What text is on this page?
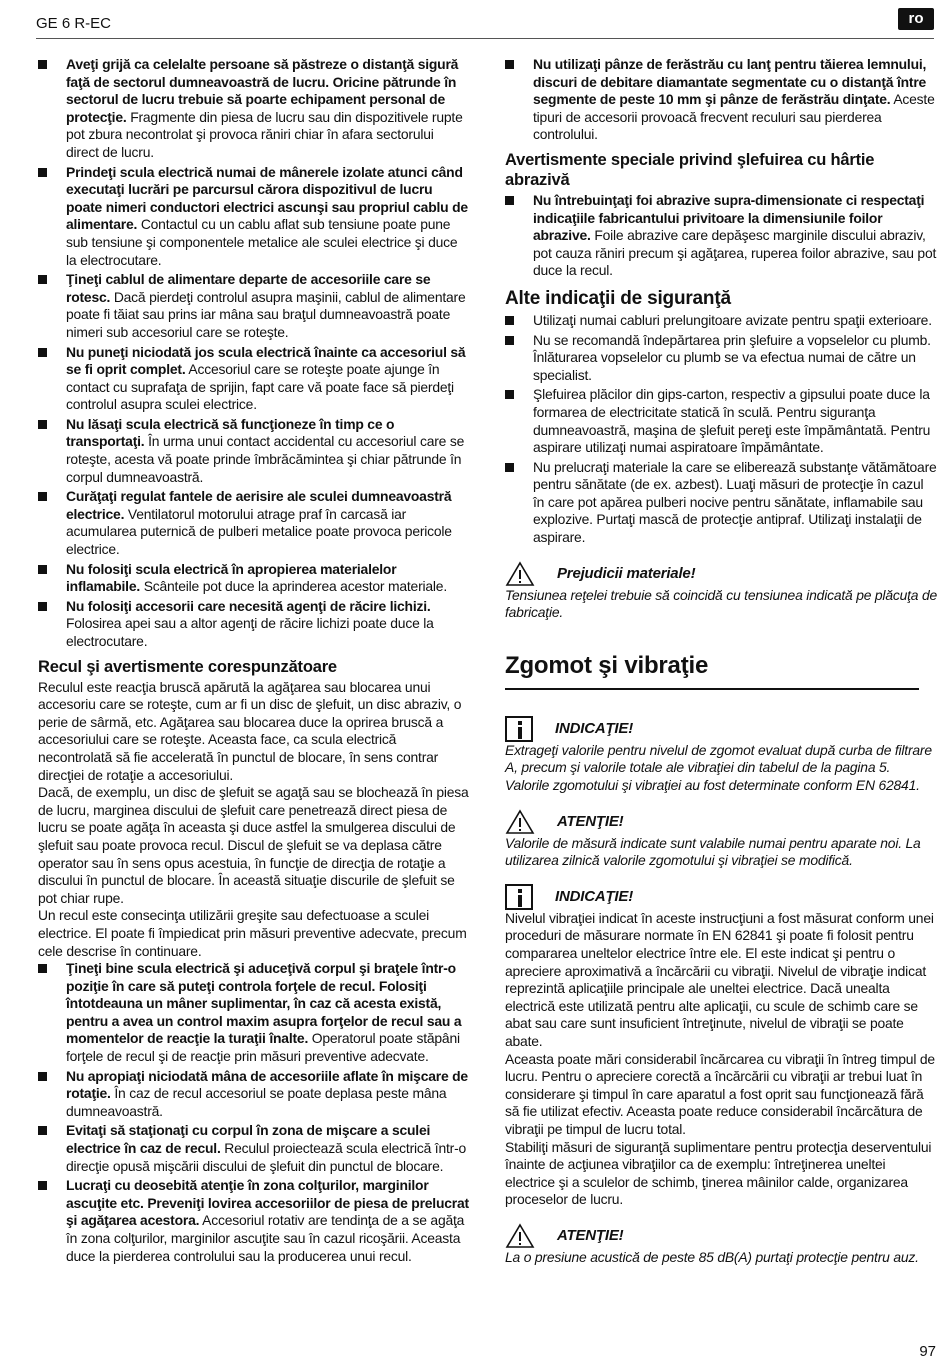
GE 6 R-EC	ro
Aveţi grijă ca celelalte persoane să păstreze o distanţă sigură faţă de sectorul dumneavoastră de lucru. Oricine pătrunde în sectorul de lucru trebuie să poarte echipament personal de protecţie. Fragmente din piesa de lucru sau din dispozitivele rupte pot zbura necontrolat şi provoca răniri chiar în afara sectorului direct de lucru.
Prindeţi scula electrică numai de mânerele izolate atunci când executaţi lucrări pe parcursul cărora dispozitivul de lucru poate nimeri conductori electrici ascunşi sau propriul cablu de alimentare. Contactul cu un cablu aflat sub tensiune poate pune sub tensiune şi componentele metalice ale sculei electrice şi duce la electrocutare.
Ţineţi cablul de alimentare departe de accesoriile care se rotesc. Dacă pierdeţi controlul asupra maşinii, cablul de alimentare poate fi tăiat sau prins iar mâna sau braţul dumneavoastră poate nimeri sub accesoriul care se roteşte.
Nu puneţi niciodată jos scula electrică înainte ca accesoriul să se fi oprit complet. Accesoriul care se roteşte poate ajunge în contact cu suprafaţa de sprijin, fapt care vă poate face să pierdeţi controlul asupra sculei electrice.
Nu lăsaţi scula electrică să funcţioneze în timp ce o transportaţi. În urma unui contact accidental cu accesoriul care se roteşte, acesta vă poate prinde îmbrăcămintea şi chiar pătrunde în corpul dumneavoastră.
Curăţaţi regulat fantele de aerisire ale sculei dumneavoastră electrice. Ventilatorul motorului atrage praf în carcasă iar acumularea puternică de pulberi metalice poate provoca pericole electrice.
Nu folosiţi scula electrică în apropierea materialelor inflamabile. Scânteile pot duce la aprinderea acestor materiale.
Nu folosiţi accesorii care necesită agenţi de răcire lichizi. Folosirea apei sau a altor agenţi de răcire lichizi poate duce la electrocutare.
Recul şi avertismente corespunzătoare

Reculul este reacţia bruscă apărută la agăţarea sau blocarea unui accesoriu care se roteşte, cum ar fi un disc de şlefuit, un disc abraziv, o perie de sârmă, etc. Agăţarea sau blocarea duce la oprirea bruscă a accesoriului care se roteşte. Aceasta face, ca scula electrică necontrolată să fie accelerată în punctul de blocare, în sens contrar direcţiei de rotaţie a accesoriului.

Dacă, de exemplu, un disc de şlefuit se agaţă sau se blochează în piesa de lucru, marginea discului de şlefuit care penetrează direct piesa de lucru se poate agăţa în aceasta şi duce astfel la smulgerea discului de şlefuit sau poate provoca recul. Discul de şlefuit se va deplasa către operator sau în sens opus acestuia, în funcţie de direcţia de rotaţie a discului în punctul de blocare. În această situaţie discurile de şlefuit se pot chiar rupe.

Un recul este consecinţa utilizării greşite sau defectuoase a sculei electrice. El poate fi împiedicat prin măsuri preventive adecvate, precum cele descrise în continuare.

Ţineţi bine scula electrică şi aduceţivă corpul şi braţele într-o poziţie în care să puteţi controla forţele de recul. Folosiţi întotdeauna un mâner suplimentar, în caz că acesta există, pentru a avea un control maxim asupra forţelor de recul sau a momentelor de reacţie la turaţii înalte. Operatorul poate stăpâni forţele de recul şi de reacţie prin măsuri preventive adecvate.
Nu apropiaţi niciodată mâna de accesoriile aflate în mişcare de rotaţie. În caz de recul accesoriul se poate deplasa peste mâna dumneavoastră.
Evitaţi să staţionaţi cu corpul în zona de mişcare a sculei electrice în caz de recul. Reculul proiectează scula electrică într-o direcţie opusă mişcării discului de şlefuit din punctul de blocare.
Lucraţi cu deosebită atenţie în zona colţurilor, marginilor ascuţite etc. Preveniţi lovirea accesoriilor de piesa de prelucrat şi agăţarea acestora. Accesoriul rotativ are tendinţa de a se agăţa în zona colţurilor, marginilor ascuţite sau în cazul ricoşării. Aceasta duce la pierderea controlului sau la producerea unui recul.
Nu utilizaţi pânze de ferăstrău cu lanţ pentru tăierea lemnului, discuri de debitare diamantate segmentate cu o distanţă între segmente de peste 10 mm şi pânze de ferăstrău dinţate. Aceste tipuri de accesorii provoacă frecvent reculuri sau pierderea controlului.
Avertismente speciale privind şlefuirea cu hârtie abrazivă
Nu întrebuinţaţi foi abrazive supra-dimensionate ci respectaţi indicaţiile fabricantului privitoare la dimensiunile foilor abrazive. Foile abrazive care depăşesc marginile discului abraziv, pot cauza răniri precum şi agăţarea, ruperea foilor abrazive, sau pot duce la recul.
Alte indicaţii de siguranţă
Utilizaţi numai cabluri prelungitoare avizate pentru spaţii exterioare.
Nu se recomandă îndepărtarea prin şlefuire a vopselelor cu plumb. Înlăturarea vopselelor cu plumb se va efectua numai de către un specialist.
Şlefuirea plăcilor din gips-carton, respectiv a gipsului poate duce la formarea de electricitate statică în sculă. Pentru siguranţa dumneavoastră, maşina de şlefuit pereţi este împământată. Pentru aspirare utilizaţi numai aspiratoare împământate.
Nu prelucraţi materiale la care se eliberează substanţe vătămătoare pentru sănătate (de ex. azbest). Luaţi măsuri de protecţie în cazul în care pot apărea pulberi nocive pentru sănătate, inflamabile sau explozive. Purtaţi mască de protecţie antipraf. Utilizaţi instalaţii de aspirare.
Prejudicii materiale!

Tensiunea reţelei trebuie să coincidă cu tensiunea indicată pe plăcuţa de fabricaţie.

Zgomot şi vibraţie
INDICAŢIE!

Extrageţi valorile pentru nivelul de zgomot evaluat după curba de filtrare A, precum şi valorile totale ale vibraţiei din tabelul de la pagina 5.

Valorile zgomotului şi vibraţiei au fost determinate conform EN 62841.

ATENŢIE!

Valorile de măsură indicate sunt valabile numai pentru aparate noi. La utilizarea zilnică valorile zgomotului şi vibraţiei se modifică.

INDICAŢIE!

Nivelul vibraţiei indicat în aceste instrucţiuni a fost măsurat conform unei proceduri de măsurare normate în EN 62841 şi poate fi folosit pentru compararea uneltelor electrice între ele. El este indicat şi pentru o apreciere aproximativă a încărcării cu vibraţii. Nivelul de vibraţie indicat reprezintă aplicaţiile principale ale uneltei electrice. Dacă unealta electrică este utilizată pentru alte aplicaţii, cu scule de schimb care se abat sau care sunt insuficient întreţinute, nivelul de vibraţii se poate abate.

Aceasta poate mări considerabil încărcarea cu vibraţii în întreg timpul de lucru. Pentru o apreciere corectă a încărcării cu vibraţii ar trebui luat în considerare şi timpul în care aparatul a fost oprit sau funcţionează fără să fie utilizat efectiv. Aceasta poate reduce considerabil încărcătura de vibraţii pe timpul de lucru total.

Stabiliţi măsuri de siguranţă suplimentare pentru protecţia deserventului înainte de acţiunea vibraţiilor ca de exemplu: întreţinerea uneltei electrice şi a sculelor de schimb, ţinerea mâinilor calde, organizarea proceselor de lucru.

ATENŢIE!

La o presiune acustică de peste 85 dB(A) purtaţi protecţie pentru auz.

97
